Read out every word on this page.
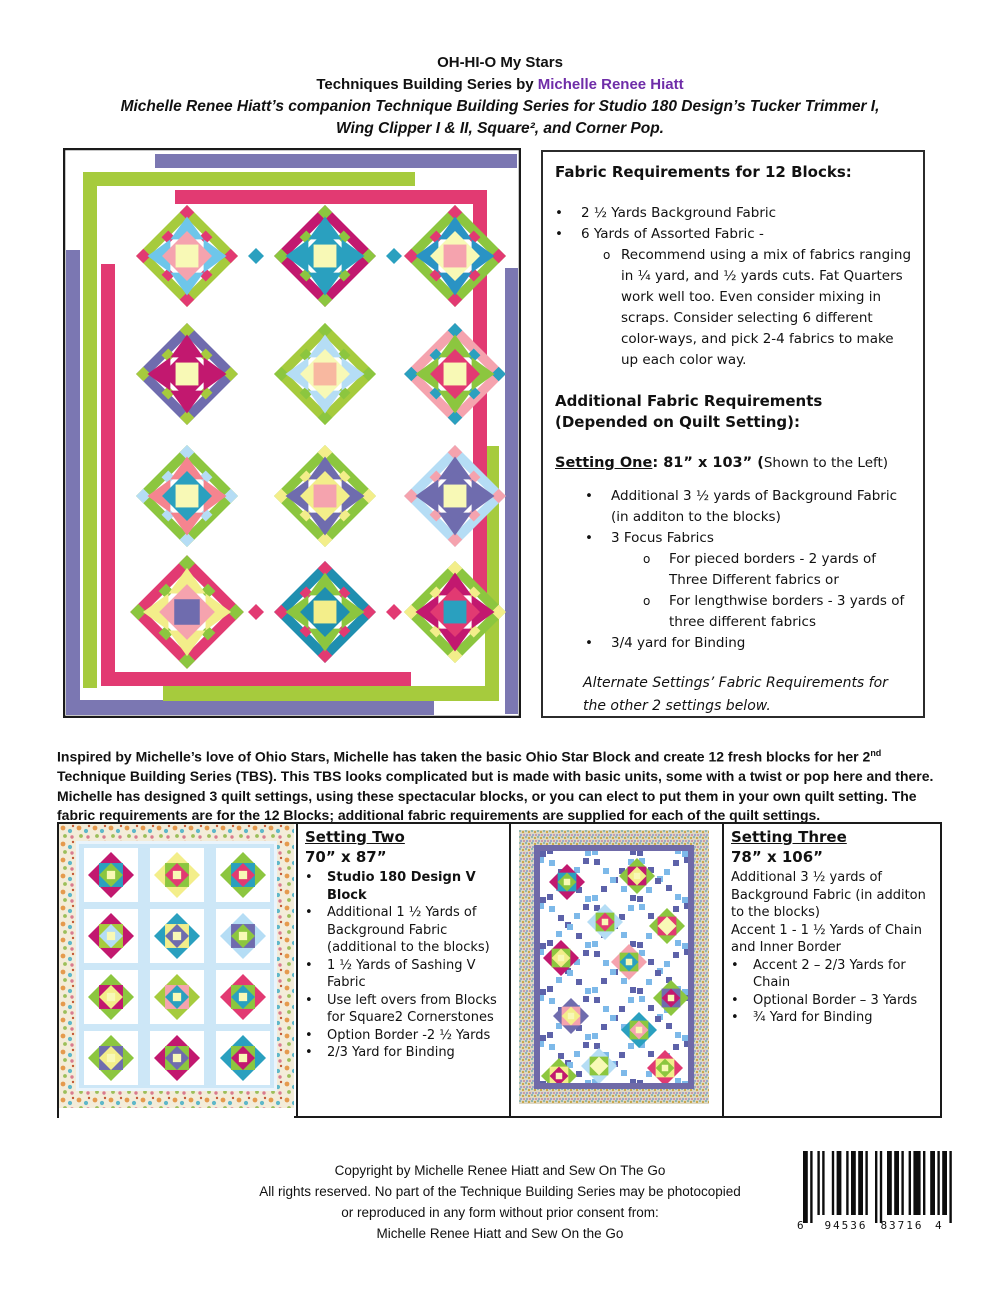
OH-HI-O My Stars
Techniques Building Series by Michelle Renee Hiatt
Michelle Renee Hiatt’s companion Technique Building Series for Studio 180 Design’s Tucker Trimmer I,
Wing Clipper I & II, Square², and Corner Pop.
Fabric Requirements for 12 Blocks:
•	2 ½ Yards Background Fabric
•	6 Yards of Assorted Fabric -
o Recommend using a mix of fabrics ranging in ¼ yard, and ½ yards cuts. Fat Quarters work well too. Even consider mixing in scraps. Consider selecting 6 different color-ways, and pick 2-4 fabrics to make up each color way.
Additional Fabric Requirements
(Depended on Quilt Setting):
Setting One: 81” x 103” (Shown to the Left)
•	Additional 3 ½ yards of Background Fabric (in additon to the blocks)
•	3 Focus Fabrics
o	For pieced borders - 2 yards of Three Different fabrics or
o	For lengthwise borders - 3 yards of three different fabrics
•	3/4 yard for Binding
Alternate Settings’ Fabric Requirements for the other 2 settings below.
Inspired by Michelle’s love of Ohio Stars, Michelle has taken the basic Ohio Star Block and create 12 fresh blocks for her 2nd Technique Building Series (TBS). This TBS looks complicated but is made with basic units, some with a twist or pop here and there. Michelle has designed 3 quilt settings, using these spectacular blocks, or you can elect to put them in your own quilt setting. The fabric requirements are for the 12 Blocks; additional fabric requirements are supplied for each of the quilt settings.
Setting Two
70” x 87”
•	Studio 180 Design V Block
•	Additional 1 ½ Yards of Background Fabric (additional to the blocks)
•	1 ½ Yards of Sashing V Fabric
•	Use left overs from Blocks for Square2 Cornerstones
•	Option Border -2 ½ Yards
•	2/3 Yard for Binding
Setting Three
78” x 106”
Additional 3 ½ yards of Background Fabric (in additon to the blocks)
Accent 1 - 1 ½ Yards of Chain and Inner Border
•	Accent 2 – 2/3 Yards for Chain
•	Optional Border – 3 Yards
•	¾ Yard for Binding
Copyright by Michelle Renee Hiatt and Sew On The Go
All rights reserved. No part of the Technique Building Series may be photocopied
or reproduced in any form without prior consent from:
Michelle Renee Hiatt and Sew On the Go
6	94536	83716	4
